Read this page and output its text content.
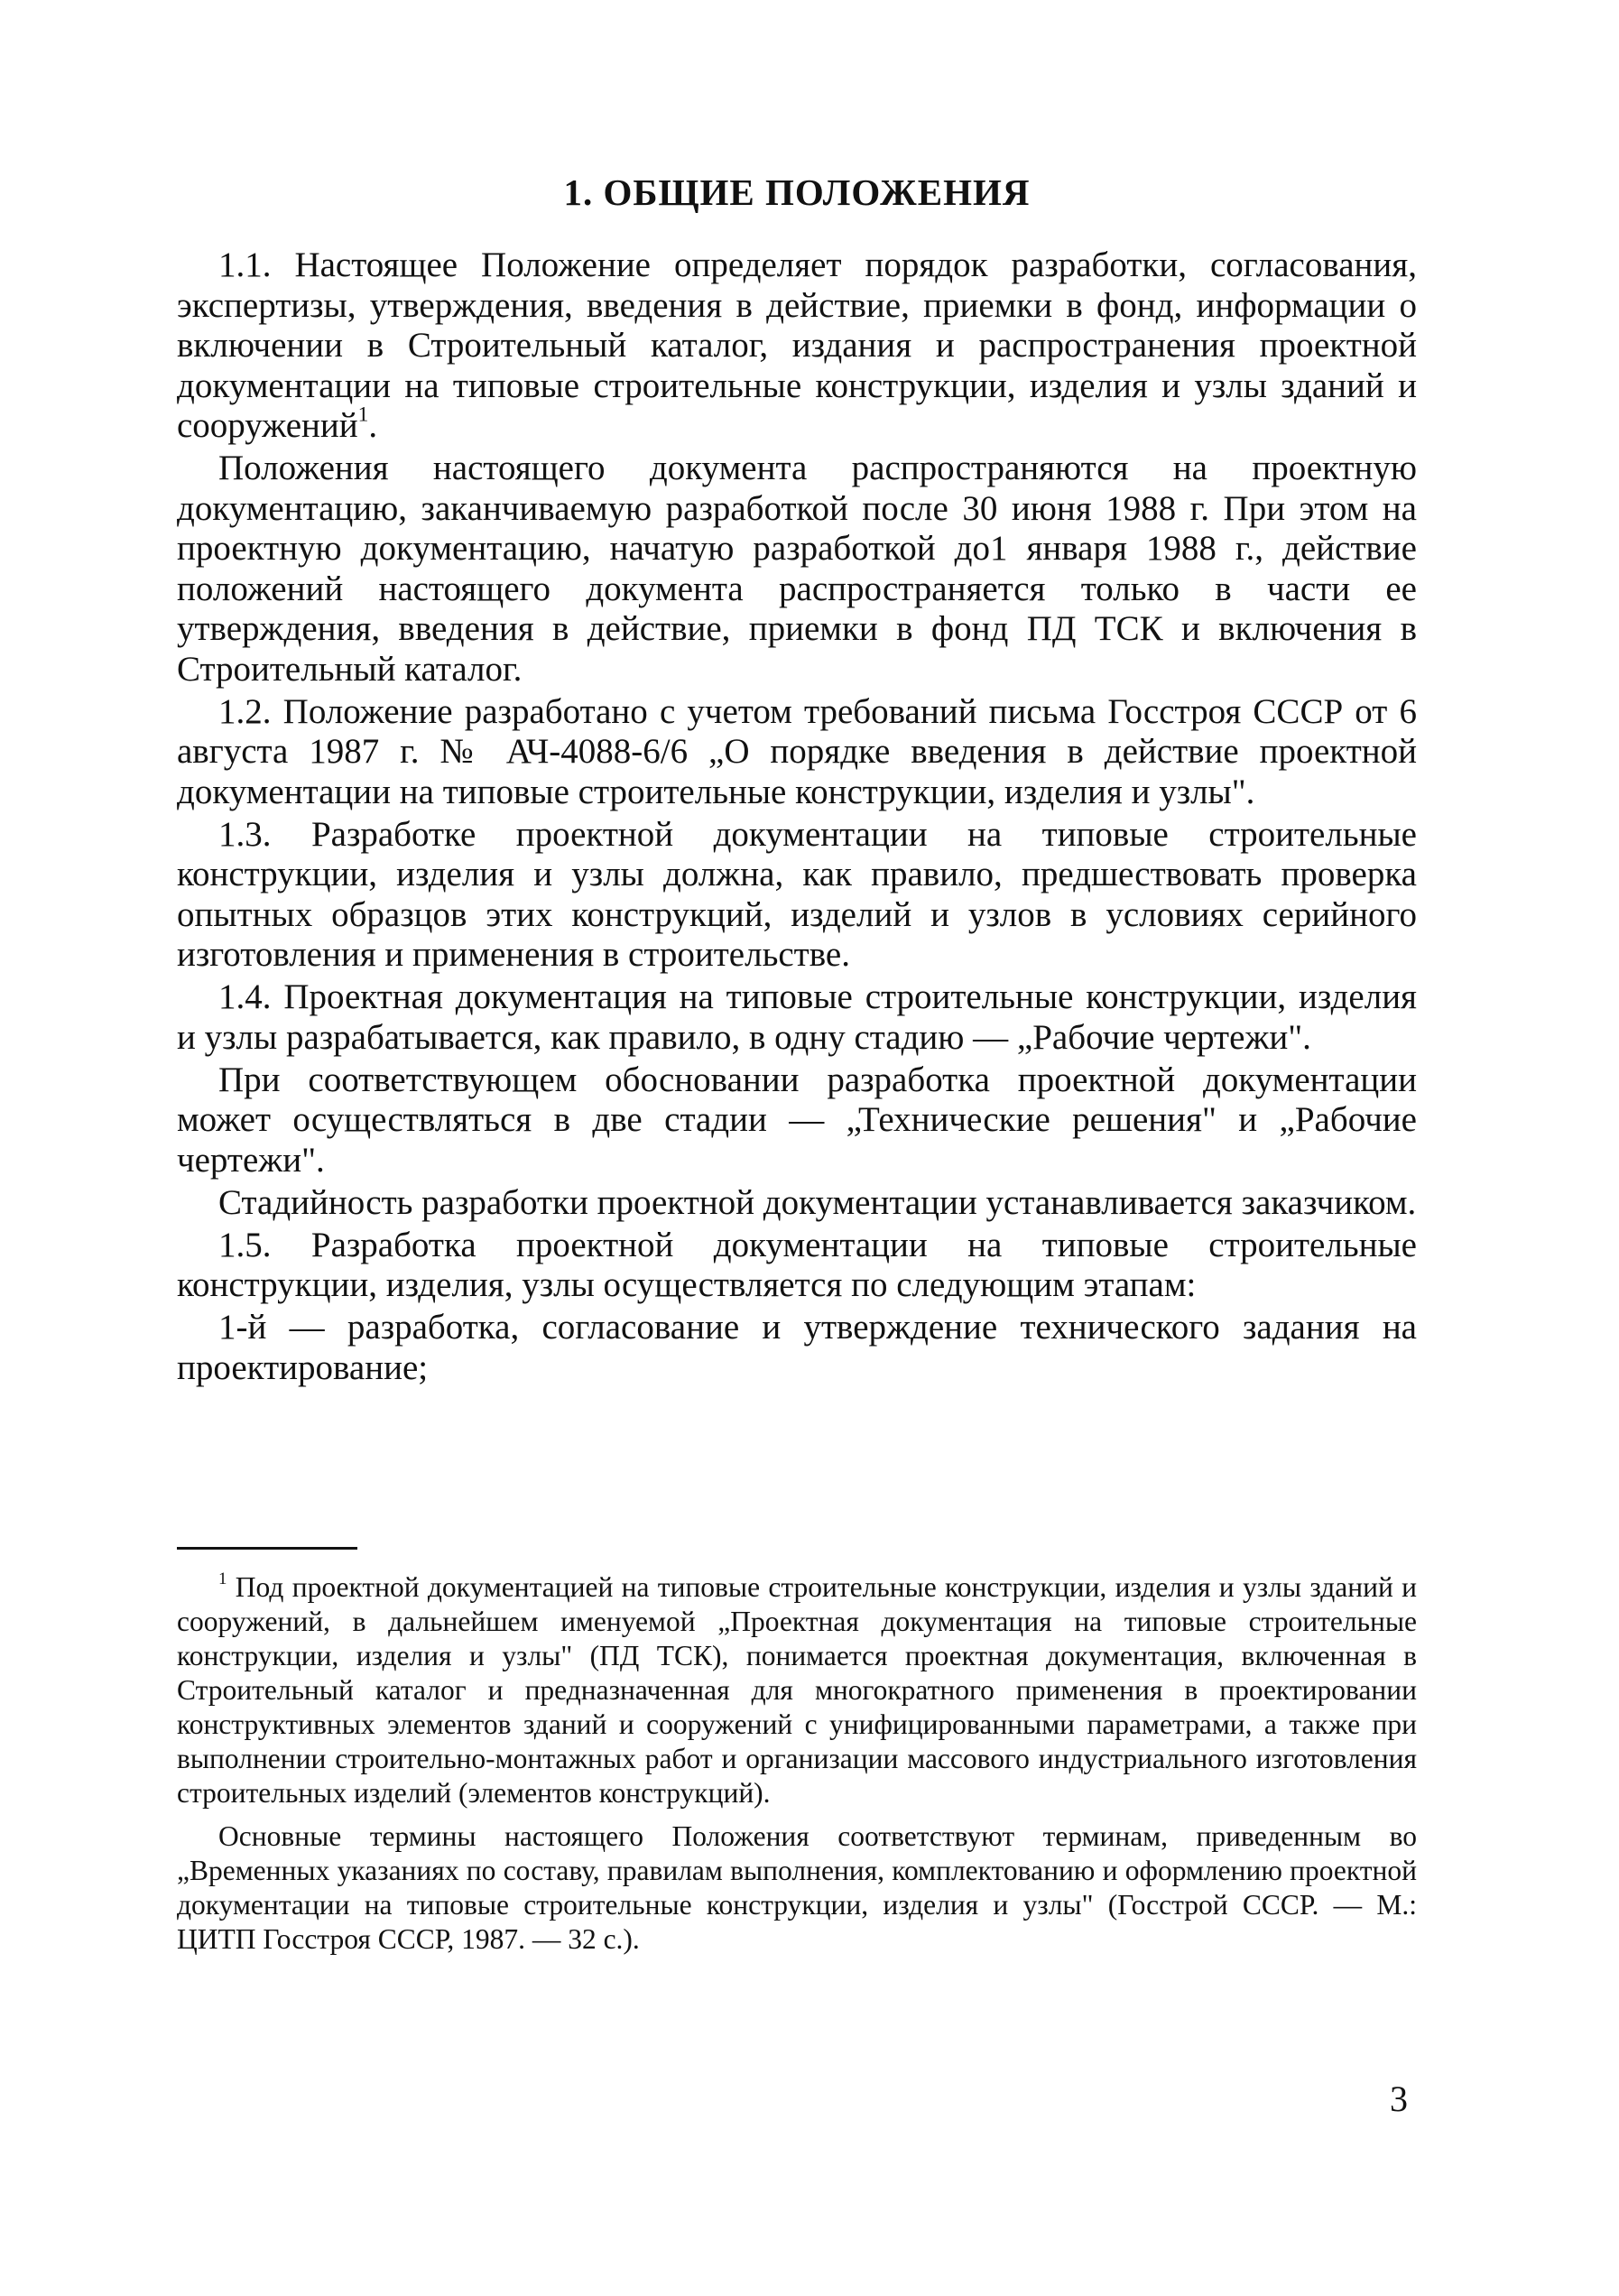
1. ОБЩИЕ ПОЛОЖЕНИЯ

1.1. Настоящее Положение определяет порядок разработки, согласования, экспертизы, утверждения, введения в действие, приемки в фонд, информации о включении в Строительный каталог, издания и распространения проектной документации на типовые строительные конструкции, изделия и узлы зданий и сооружений$^1$.

Положения настоящего документа распространяются на проектную документацию, заканчиваемую разработкой после 30 июня 1988 г. При этом на проектную документацию, начатую разработкой до1 января 1988 г., действие положений настоящего документа распространяется только в части ее утверждения, введения в действие, приемки в фонд ПД ТСК и включения в Строительный каталог.

1.2. Положение разработано с учетом требований письма Госстроя СССР от 6 августа 1987 г. № АЧ-4088-6/6 „О порядке введения в действие проектной документации на типовые строительные конструкции, изделия и узлы".

1.3. Разработке проектной документации на типовые строительные конструкции, изделия и узлы должна, как правило, предшествовать проверка опытных образцов этих конструкций, изделий и узлов в условиях серийного изготовления и применения в строительстве.

1.4. Проектная документация на типовые строительные конструкции, изделия и узлы разрабатывается, как правило, в одну стадию — „Рабочие чертежи".

При соответствующем обосновании разработка проектной документации может осуществляться в две стадии — „Технические решения" и „Рабочие чертежи".

Стадийность разработки проектной документации устанавливается заказчиком.

1.5. Разработка проектной документации на типовые строительные конструкции, изделия, узлы осуществляется по следующим этапам:

1-й — разработка, согласование и утверждение технического задания на проектирование;

$^1$ Под проектной документацией на типовые строительные конструкции, изделия и узлы зданий и сооружений, в дальнейшем именуемой „Проектная документация на типовые строительные конструкции, изделия и узлы" (ПД ТСК), понимается проектная документация, включенная в Строительный каталог и предназначенная для многократного применения в проектировании конструктивных элементов зданий и сооружений с унифицированными параметрами, а также при выполнении строительно-монтажных работ и организации массового индустриального изготовления строительных изделий (элементов конструкций).

Основные термины настоящего Положения соответствуют терминам, приведенным во „Временных указаниях по составу, правилам выполнения, комплектованию и оформлению проектной документации на типовые строительные конструкции, изделия и узлы" (Госстрой СССР. — М.: ЦИТП Госстроя СССР, 1987. — 32 с.).

3
